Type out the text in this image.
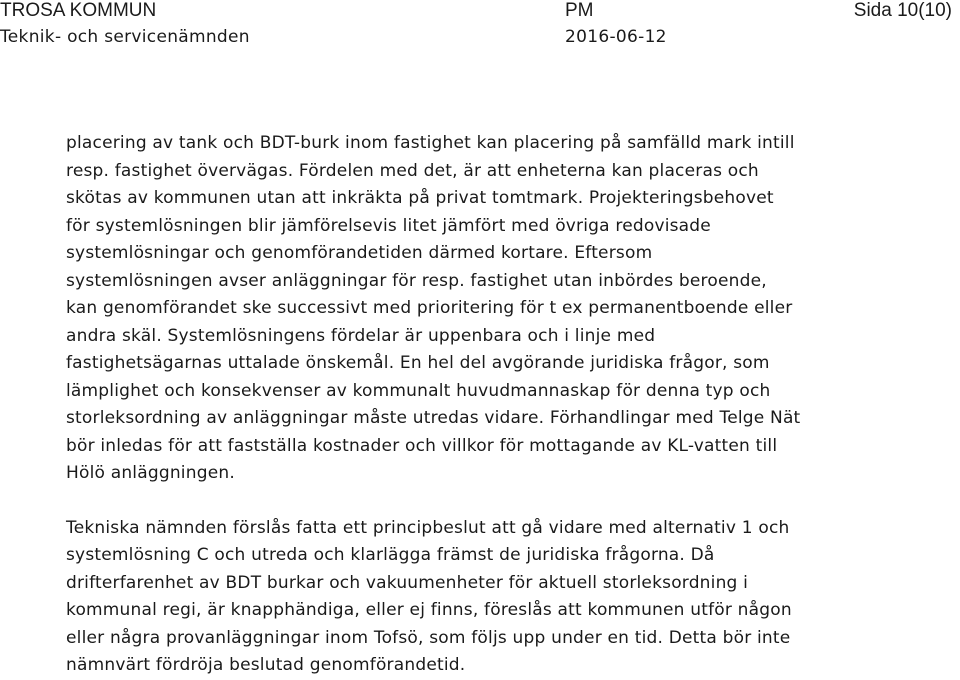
TROSA KOMMUN

Teknik- och servicenämnden

PM

2016-06-12

Sida 10(10)

placering av tank och BDT-burk inom fastighet kan placering på samfälld mark intill
resp. fastighet övervägas. Fördelen med det, är att enheterna kan placeras och
skötas av kommunen utan att inkräkta på privat tomtmark. Projekteringsbehovet
för systemlösningen blir jämförelsevis litet jämfört med övriga redovisade
systemlösningar och genomförandetiden därmed kortare. Eftersom
systemlösningen avser anläggningar för resp. fastighet utan inbördes beroende,
kan genomförandet ske successivt med prioritering för t ex permanentboende eller
andra skäl. Systemlösningens fördelar är uppenbara och i linje med
fastighetsägarnas uttalade önskemål. En hel del avgörande juridiska frågor, som
lämplighet och konsekvenser av kommunalt huvudmannaskap för denna typ och
storleksordning av anläggningar måste utredas vidare. Förhandlingar med Telge Nät
bör inledas för att fastställa kostnader och villkor för mottagande av KL-vatten till
Hölö anläggningen.

Tekniska nämnden förslås fatta ett principbeslut att gå vidare med alternativ 1 och
systemlösning C och utreda och klarlägga främst de juridiska frågorna. Då
drifterfarenhet av BDT burkar och vakuumenheter för aktuell storleksordning i
kommunal regi, är knapphändiga, eller ej finns, föreslås att kommunen utför någon
eller några provanläggningar inom Tofsö, som följs upp under en tid. Detta bör inte
nämnvärt fördröja beslutad genomförandetid.
